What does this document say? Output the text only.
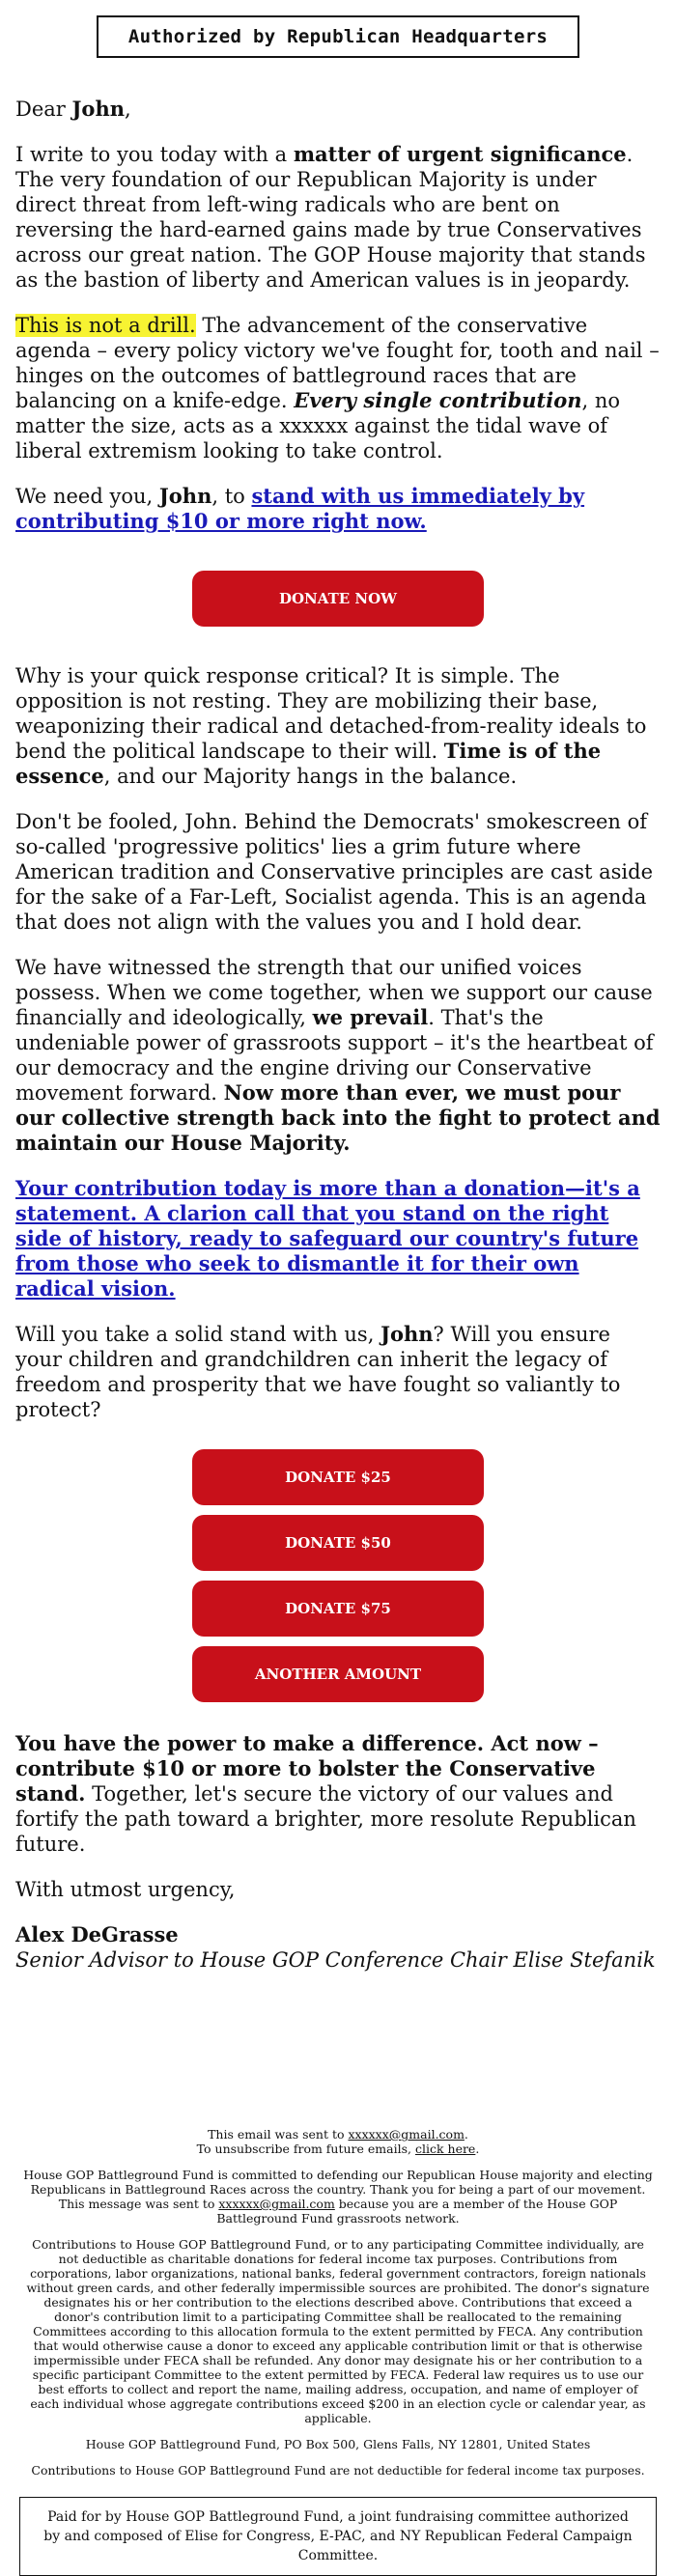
Authorized by Republican Headquarters

Dear John,

I write to you today with a matter of urgent significance. The very foundation of our Republican Majority is under direct threat from left-wing radicals who are bent on reversing the hard-earned gains made by true Conservatives across our great nation. The GOP House majority that stands as the bastion of liberty and American values is in jeopardy.

This is not a drill. The advancement of the conservative agenda – every policy victory we've fought for, tooth and nail – hinges on the outcomes of battleground races that are balancing on a knife-edge. Every single contribution, no matter the size, acts as a xxxxxx against the tidal wave of liberal extremism looking to take control.

We need you, John, to stand with us immediately by contributing $10 or more right now.

DONATE NOW

Why is your quick response critical? It is simple. The opposition is not resting. They are mobilizing their base, weaponizing their radical and detached-from-reality ideals to bend the political landscape to their will. Time is of the essence, and our Majority hangs in the balance.

Don't be fooled, John. Behind the Democrats' smokescreen of so-called 'progressive politics' lies a grim future where American tradition and Conservative principles are cast aside for the sake of a Far-Left, Socialist agenda. This is an agenda that does not align with the values you and I hold dear.

We have witnessed the strength that our unified voices possess. When we come together, when we support our cause financially and ideologically, we prevail. That's the undeniable power of grassroots support – it's the heartbeat of our democracy and the engine driving our Conservative movement forward. Now more than ever, we must pour our collective strength back into the fight to protect and maintain our House Majority.

Your contribution today is more than a donation—it's a statement. A clarion call that you stand on the right side of history, ready to safeguard our country's future from those who seek to dismantle it for their own radical vision.

Will you take a solid stand with us, John? Will you ensure your children and grandchildren can inherit the legacy of freedom and prosperity that we have fought so valiantly to protect?

DONATE $25
DONATE $50
DONATE $75
ANOTHER AMOUNT

You have the power to make a difference. Act now – contribute $10 or more to bolster the Conservative stand. Together, let's secure the victory of our values and fortify the path toward a brighter, more resolute Republican future.

With utmost urgency,

Alex DeGrasse
Senior Advisor to House GOP Conference Chair Elise Stefanik

This email was sent to xxxxxx@gmail.com.
To unsubscribe from future emails, click here.

House GOP Battleground Fund is committed to defending our Republican House majority and electing Republicans in Battleground Races across the country. Thank you for being a part of our movement. This message was sent to xxxxxx@gmail.com because you are a member of the House GOP Battleground Fund grassroots network.

Contributions to House GOP Battleground Fund, or to any participating Committee individually, are not deductible as charitable donations for federal income tax purposes. Contributions from corporations, labor organizations, national banks, federal government contractors, foreign nationals without green cards, and other federally impermissible sources are prohibited. The donor's signature designates his or her contribution to the elections described above. Contributions that exceed a donor's contribution limit to a participating Committee shall be reallocated to the remaining Committees according to this allocation formula to the extent permitted by FECA. Any contribution that would otherwise cause a donor to exceed any applicable contribution limit or that is otherwise impermissible under FECA shall be refunded. Any donor may designate his or her contribution to a specific participant Committee to the extent permitted by FECA. Federal law requires us to use our best efforts to collect and report the name, mailing address, occupation, and name of employer of each individual whose aggregate contributions exceed $200 in an election cycle or calendar year, as applicable.

House GOP Battleground Fund, PO Box 500, Glens Falls, NY 12801, United States

Contributions to House GOP Battleground Fund are not deductible for federal income tax purposes.

Paid for by House GOP Battleground Fund, a joint fundraising committee authorized by and composed of Elise for Congress, E-PAC, and NY Republican Federal Campaign Committee.
